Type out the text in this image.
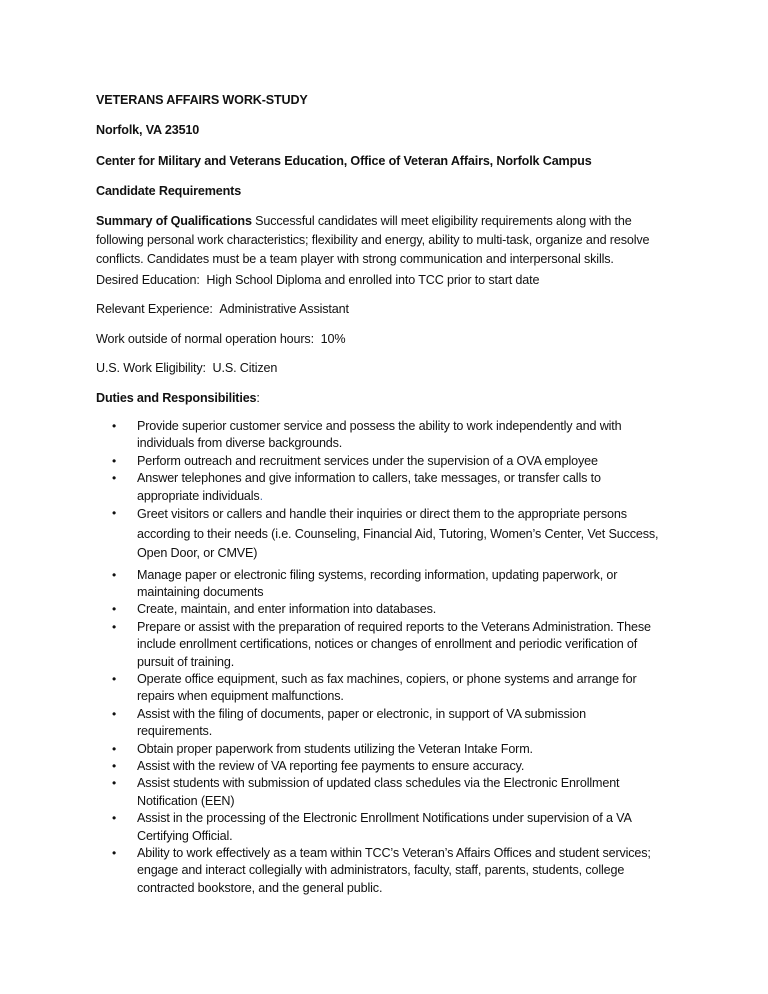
VETERANS AFFAIRS WORK-STUDY
Norfolk, VA 23510
Center for Military and Veterans Education, Office of Veteran Affairs, Norfolk Campus
Candidate Requirements
Summary of Qualifications Successful candidates will meet eligibility requirements along with the
following personal work characteristics; flexibility and energy, ability to multi-task, organize and resolve
conflicts. Candidates must be a team player with strong communication and interpersonal skills.
Desired Education: High School Diploma and enrolled into TCC prior to start date
Relevant Experience: Administrative Assistant
Work outside of normal operation hours: 10%
U.S. Work Eligibility: U.S. Citizen
Duties and Responsibilities:
• Provide superior customer service and possess the ability to work independently and with
individuals from diverse backgrounds.
• Perform outreach and recruitment services under the supervision of a OVA employee
• Answer telephones and give information to callers, take messages, or transfer calls to
appropriate individuals.
• Greet visitors or callers and handle their inquiries or direct them to the appropriate persons
according to their needs (i.e. Counseling, Financial Aid, Tutoring, Women’s Center, Vet Success,
Open Door, or CMVE)
• Manage paper or electronic filing systems, recording information, updating paperwork, or
maintaining documents
• Create, maintain, and enter information into databases.
• Prepare or assist with the preparation of required reports to the Veterans Administration. These
include enrollment certifications, notices or changes of enrollment and periodic verification of
pursuit of training.
• Operate office equipment, such as fax machines, copiers, or phone systems and arrange for
repairs when equipment malfunctions.
• Assist with the filing of documents, paper or electronic, in support of VA submission
requirements.
• Obtain proper paperwork from students utilizing the Veteran Intake Form.
• Assist with the review of VA reporting fee payments to ensure accuracy.
• Assist students with submission of updated class schedules via the Electronic Enrollment
Notification (EEN)
• Assist in the processing of the Electronic Enrollment Notifications under supervision of a VA
Certifying Official.
• Ability to work effectively as a team within TCC’s Veteran’s Affairs Offices and student services;
engage and interact collegially with administrators, faculty, staff, parents, students, college
contracted bookstore, and the general public.
